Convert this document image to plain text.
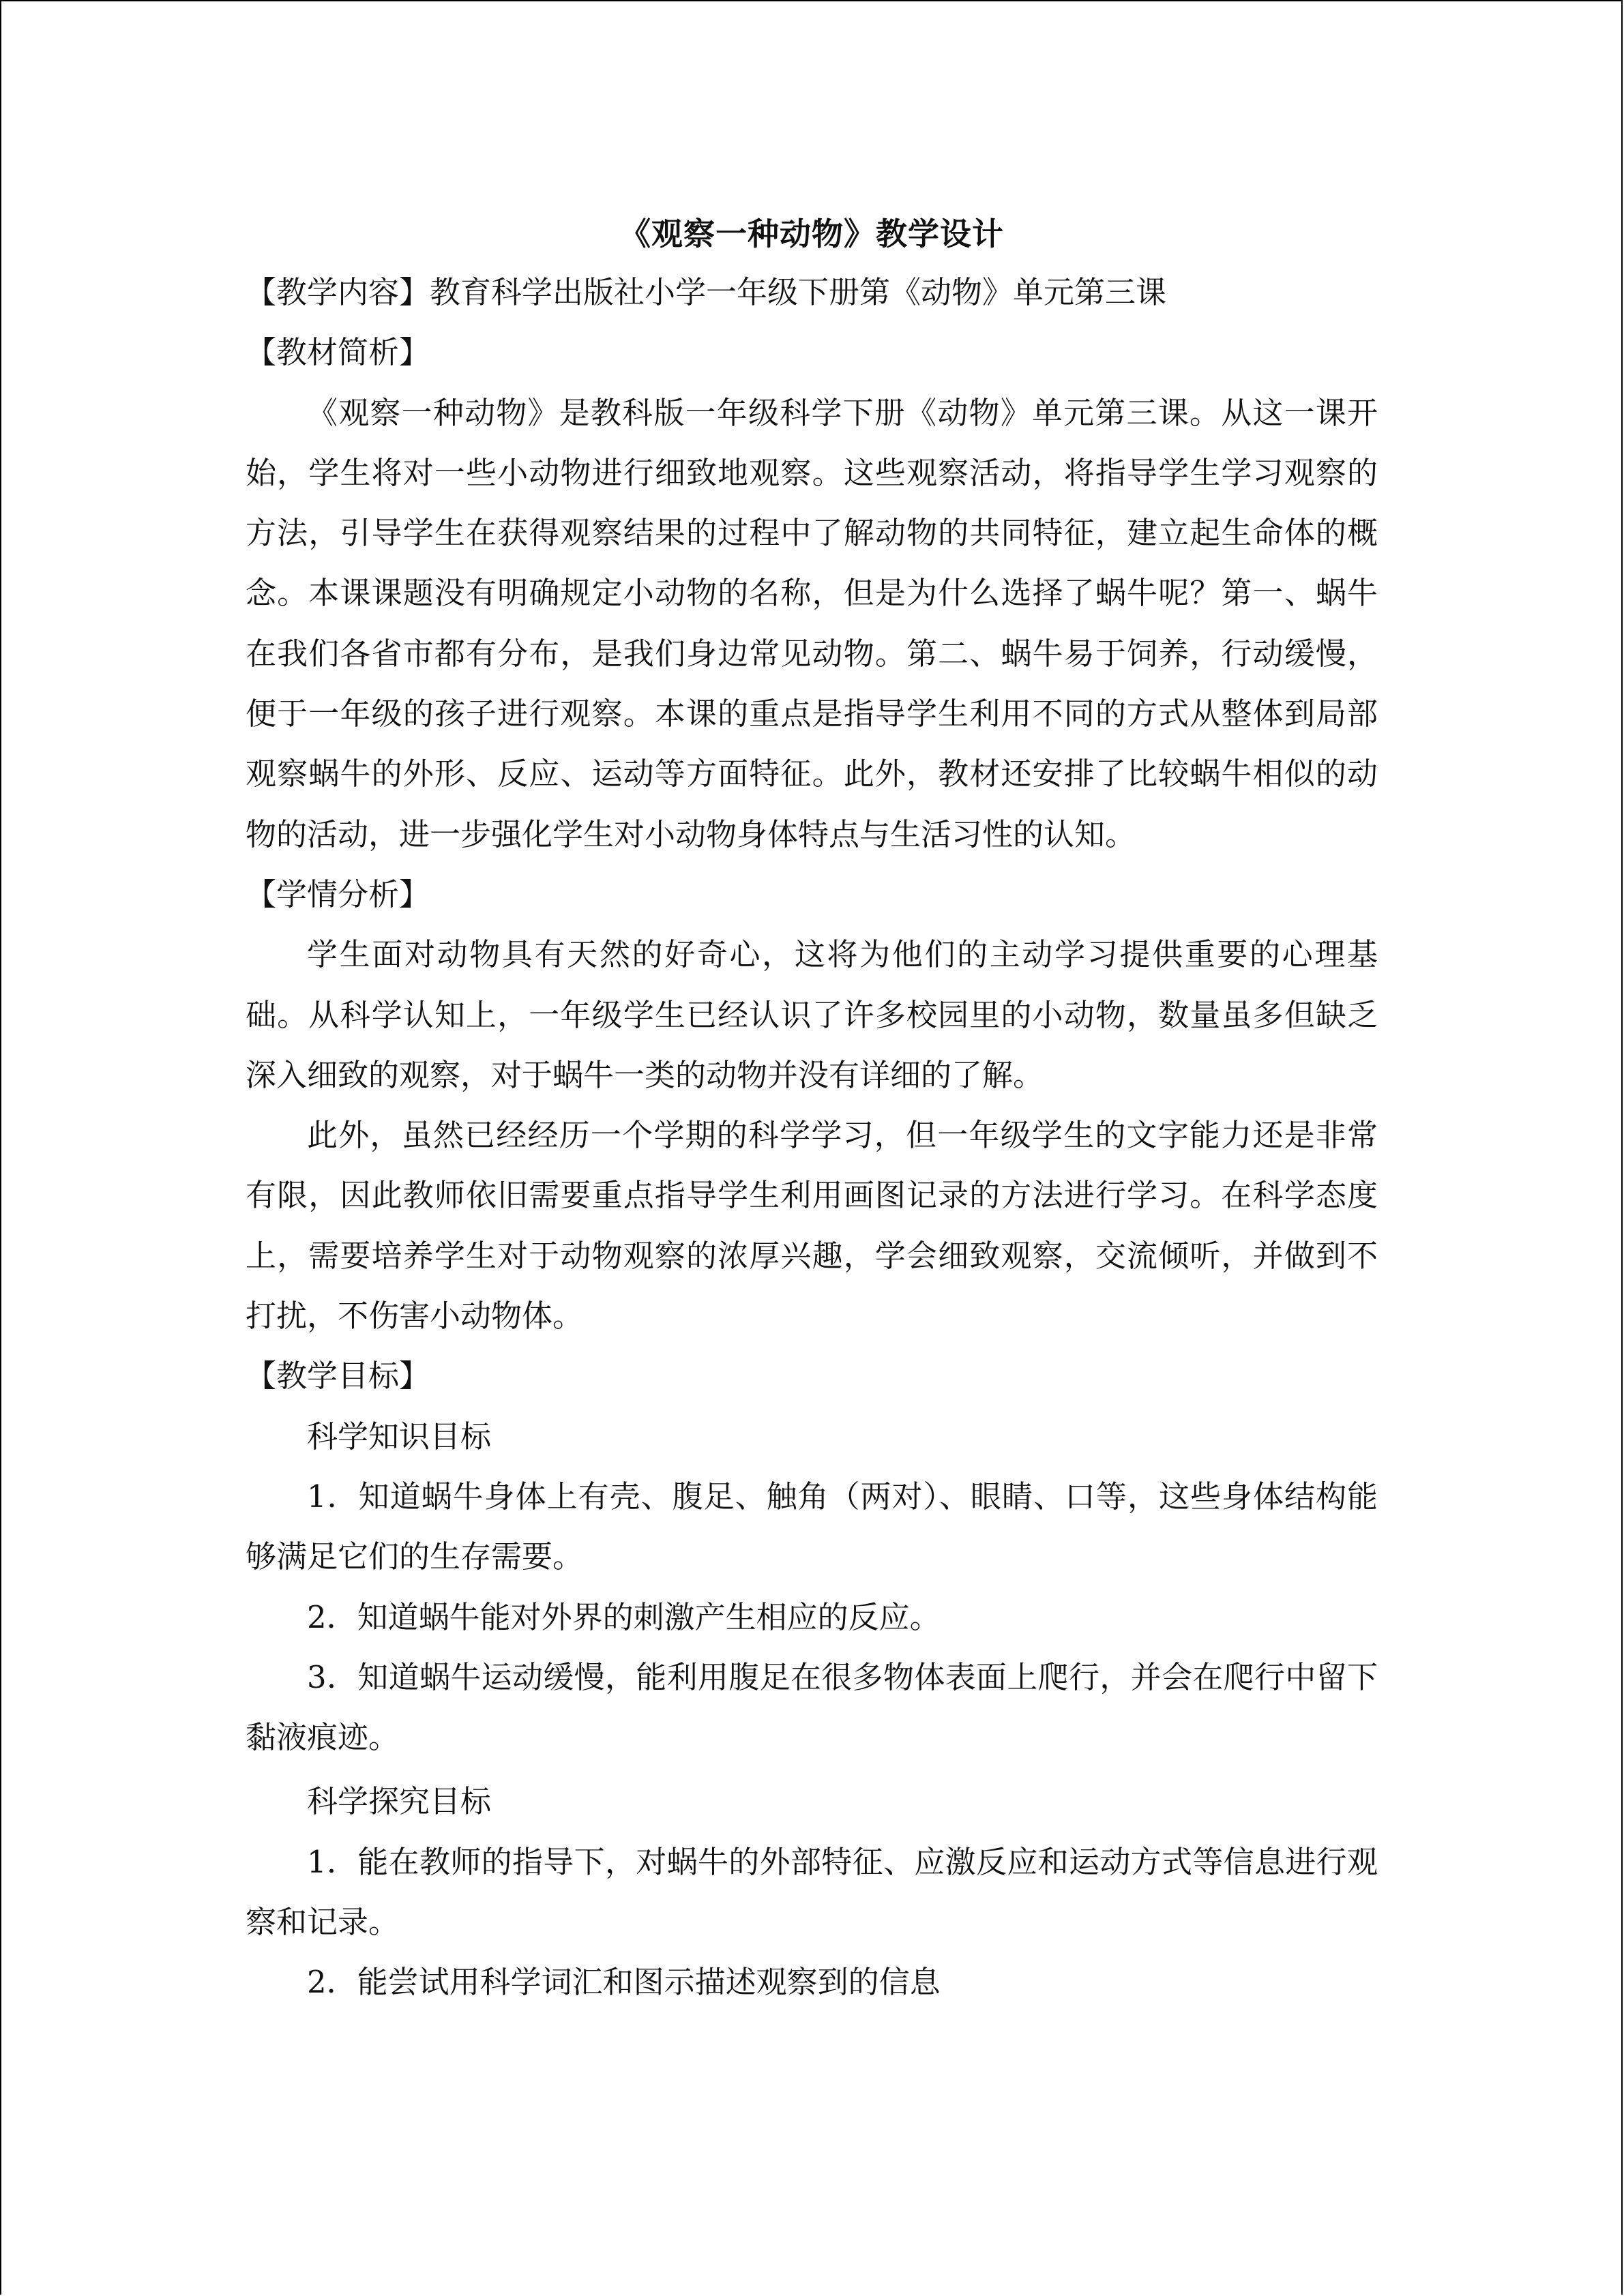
《观察一种动物》教学设计

【教学内容】教育科学出版社小学一年级下册第《动物》单元第三课

【教材简析】

《观察一种动物》是教科版一年级科学下册《动物》单元第三课。从这一课开始，学生将对一些小动物进行细致地观察。这些观察活动，将指导学生学习观察的方法，引导学生在获得观察结果的过程中了解动物的共同特征，建立起生命体的概念。本课课题没有明确规定小动物的名称，但是为什么选择了蜗牛呢？第一、蜗牛在我们各省市都有分布，是我们身边常见动物。第二、蜗牛易于饲养，行动缓慢，便于一年级的孩子进行观察。本课的重点是指导学生利用不同的方式从整体到局部观察蜗牛的外形、反应、运动等方面特征。此外，教材还安排了比较蜗牛相似的动物的活动，进一步强化学生对小动物身体特点与生活习性的认知。

【学情分析】

学生面对动物具有天然的好奇心，这将为他们的主动学习提供重要的心理基础。从科学认知上，一年级学生已经认识了许多校园里的小动物，数量虽多但缺乏深入细致的观察，对于蜗牛一类的动物并没有详细的了解。

此外，虽然已经经历一个学期的科学学习，但一年级学生的文字能力还是非常有限，因此教师依旧需要重点指导学生利用画图记录的方法进行学习。在科学态度上，需要培养学生对于动物观察的浓厚兴趣，学会细致观察，交流倾听，并做到不打扰，不伤害小动物体。

【教学目标】

科学知识目标

1．知道蜗牛身体上有壳、腹足、触角（两对）、眼睛、口等，这些身体结构能够满足它们的生存需要。

2．知道蜗牛能对外界的刺激产生相应的反应。

3．知道蜗牛运动缓慢，能利用腹足在很多物体表面上爬行，并会在爬行中留下黏液痕迹。

科学探究目标

1．能在教师的指导下，对蜗牛的外部特征、应激反应和运动方式等信息进行观察和记录。

2．能尝试用科学词汇和图示描述观察到的信息
